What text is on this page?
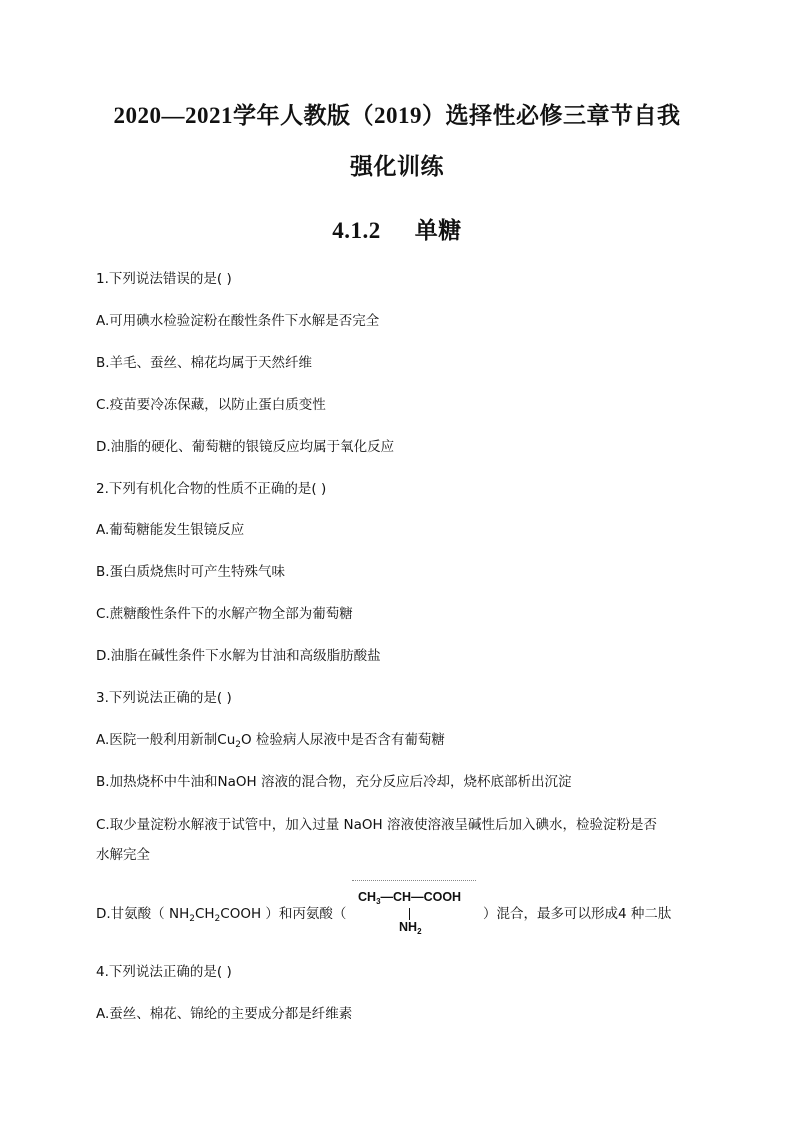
2020—2021学年人教版（2019）选择性必修三章节自我
强化训练
4.1.2 单糖
1.下列说法错误的是( )
A.可用碘水检验淀粉在酸性条件下水解是否完全
B.羊毛、蚕丝、棉花均属于天然纤维
C.疫苗要冷冻保藏，以防止蛋白质变性
D.油脂的硬化、葡萄糖的银镜反应均属于氧化反应
2.下列有机化合物的性质不正确的是( )
A.葡萄糖能发生银镜反应
B.蛋白质烧焦时可产生特殊气味
C.蔗糖酸性条件下的水解产物全部为葡萄糖
D.油脂在碱性条件下水解为甘油和高级脂肪酸盐
3.下列说法正确的是( )
A.医院一般利用新制$Cu_2O$ 检验病人尿液中是否含有葡萄糖
B.加热烧杯中牛油和NaOH 溶液的混合物，充分反应后冷却，烧杯底部析出沉淀
C.取少量淀粉水解液于试管中，加入过量 NaOH 溶液使溶液呈碱性后加入碘水，检验淀粉是否
水解完全
D.甘氨酸（ $NH_2CH_2COOH$ ）和丙氨酸（	）混合，最多可以形成4 种二肽
$CH_3—CH—COOH$
$NH_2$
4.下列说法正确的是( )
A.蚕丝、棉花、锦纶的主要成分都是纤维素
